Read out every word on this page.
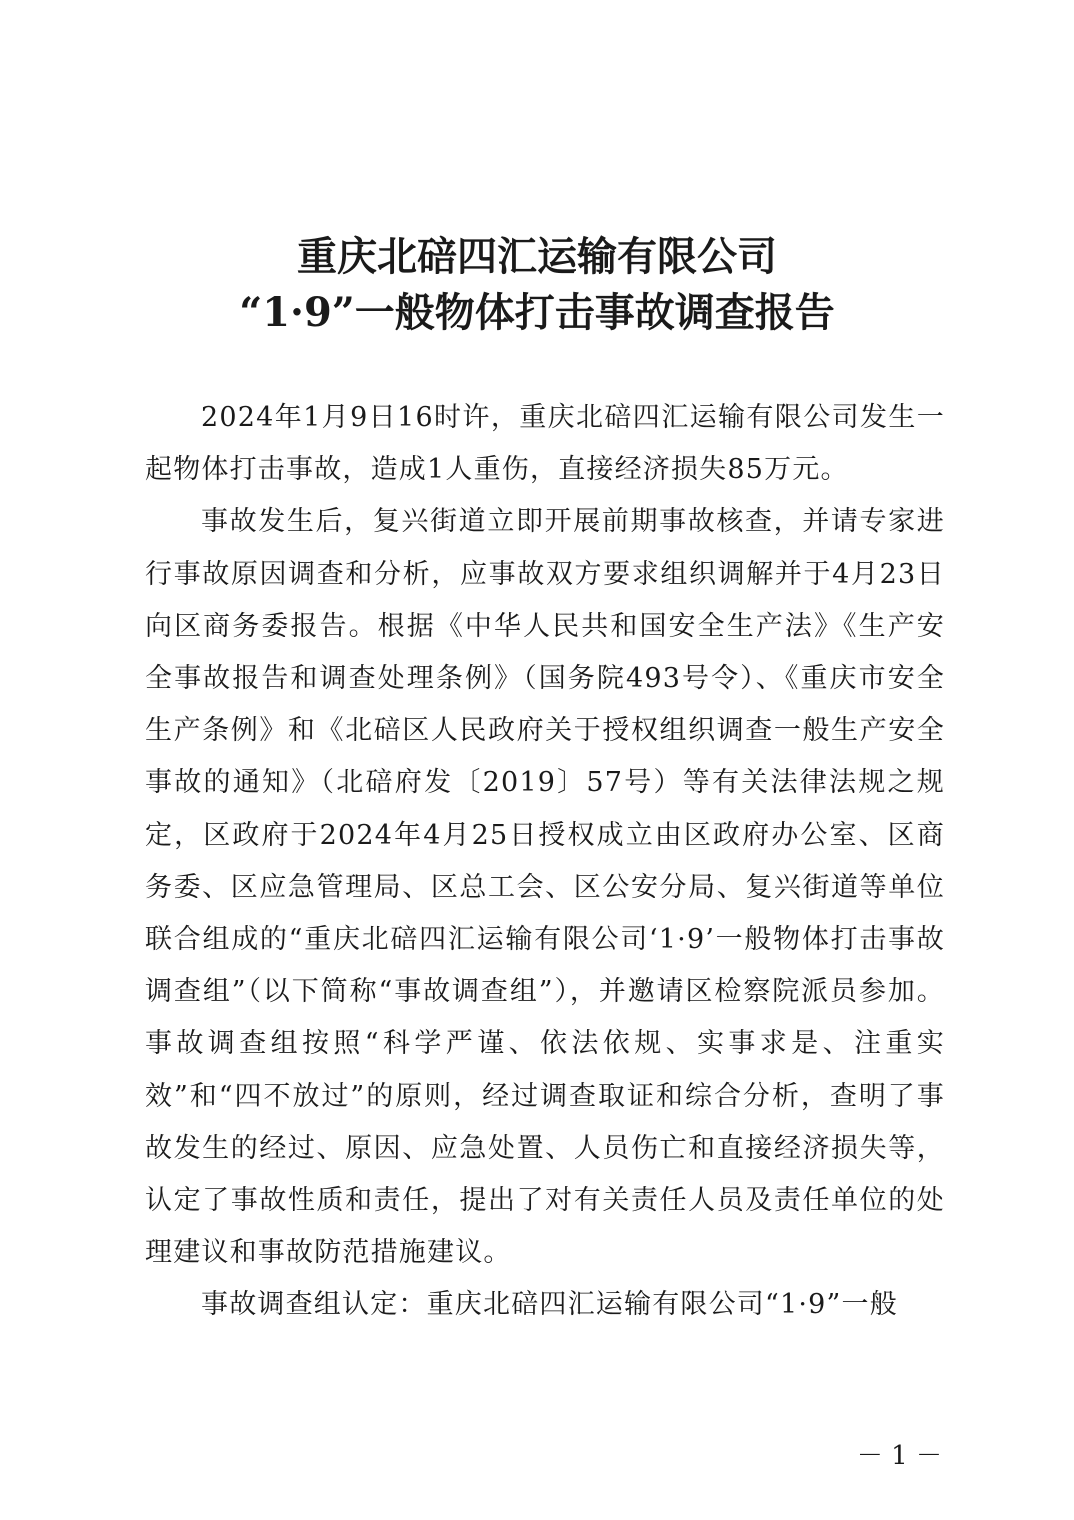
重庆北碚四汇运输有限公司
“1·9”一般物体打击事故调查报告

2024年1月9日16时许，重庆北碚四汇运输有限公司发生一起物体打击事故，造成1人重伤，直接经济损失85万元。

事故发生后，复兴街道立即开展前期事故核查，并请专家进行事故原因调查和分析，应事故双方要求组织调解并于4月23日向区商务委报告。根据《中华人民共和国安全生产法》《生产安全事故报告和调查处理条例》（国务院493号令）、《重庆市安全生产条例》和《北碚区人民政府关于授权组织调查一般生产安全事故的通知》（北碚府发〔2019〕57号）等有关法律法规之规定，区政府于2024年4月25日授权成立由区政府办公室、区商务委、区应急管理局、区总工会、区公安分局、复兴街道等单位联合组成的“重庆北碚四汇运输有限公司‘1·9’一般物体打击事故调查组”（以下简称“事故调查组”），并邀请区检察院派员参加。事故调查组按照“科学严谨、依法依规、实事求是、注重实效”和“四不放过”的原则，经过调查取证和综合分析，查明了事故发生的经过、原因、应急处置、人员伤亡和直接经济损失等，认定了事故性质和责任，提出了对有关责任人员及责任单位的处理建议和事故防范措施建议。

事故调查组认定：重庆北碚四汇运输有限公司“1·9”一般

－ 1 －
